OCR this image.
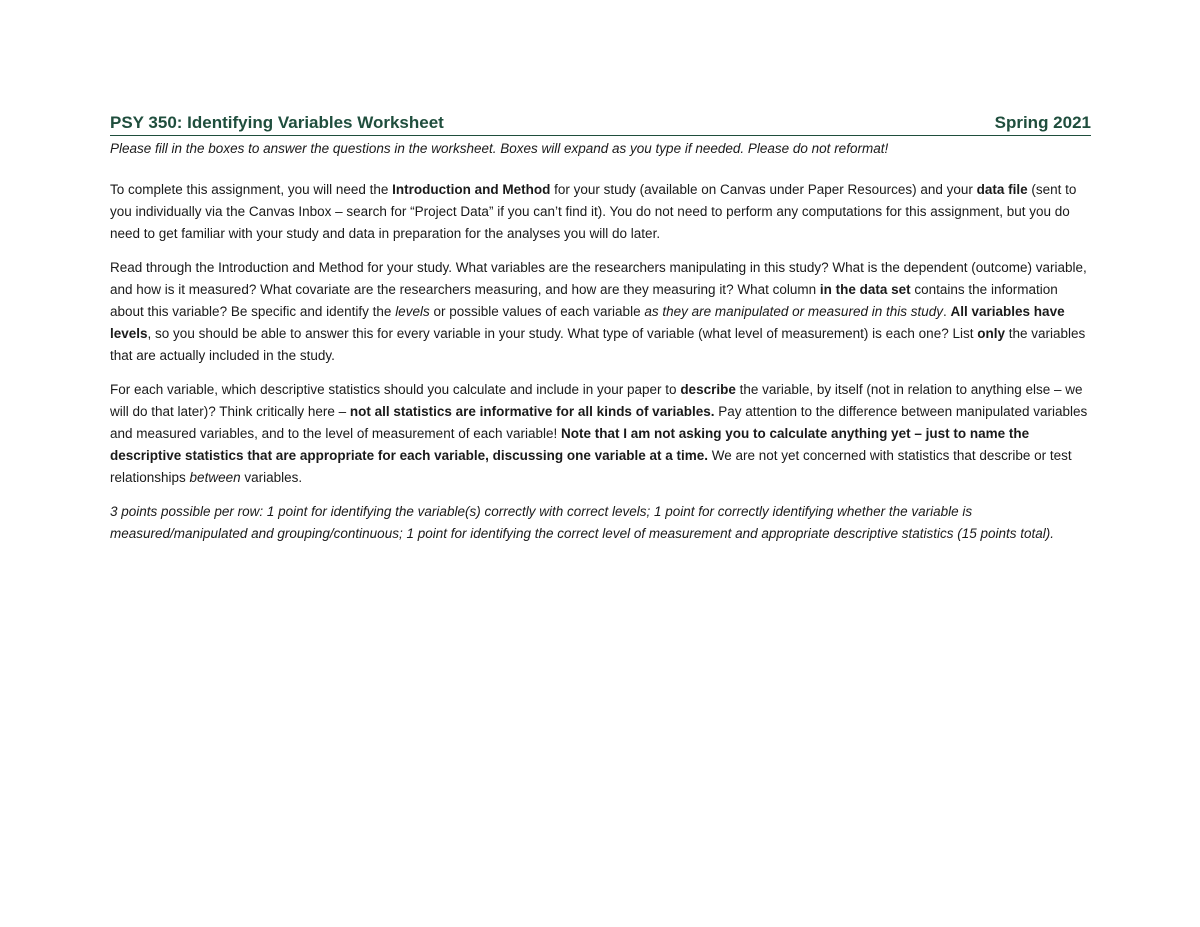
PSY 350: Identifying Variables Worksheet	Spring 2021
Please fill in the boxes to answer the questions in the worksheet. Boxes will expand as you type if needed. Please do not reformat!

To complete this assignment, you will need the Introduction and Method for your study (available on Canvas under Paper Resources) and your data file (sent to you individually via the Canvas Inbox – search for “Project Data” if you can’t find it). You do not need to perform any computations for this assignment, but you do need to get familiar with your study and data in preparation for the analyses you will do later.

Read through the Introduction and Method for your study. What variables are the researchers manipulating in this study? What is the dependent (outcome) variable, and how is it measured? What covariate are the researchers measuring, and how are they measuring it? What column in the data set contains the information about this variable? Be specific and identify the levels or possible values of each variable as they are manipulated or measured in this study. All variables have levels, so you should be able to answer this for every variable in your study. What type of variable (what level of measurement) is each one? List only the variables that are actually included in the study.

For each variable, which descriptive statistics should you calculate and include in your paper to describe the variable, by itself (not in relation to anything else – we will do that later)? Think critically here – not all statistics are informative for all kinds of variables. Pay attention to the difference between manipulated variables and measured variables, and to the level of measurement of each variable! Note that I am not asking you to calculate anything yet – just to name the descriptive statistics that are appropriate for each variable, discussing one variable at a time. We are not yet concerned with statistics that describe or test relationships between variables.

3 points possible per row: 1 point for identifying the variable(s) correctly with correct levels; 1 point for correctly identifying whether the variable is measured/manipulated and grouping/continuous; 1 point for identifying the correct level of measurement and appropriate descriptive statistics (15 points total).
